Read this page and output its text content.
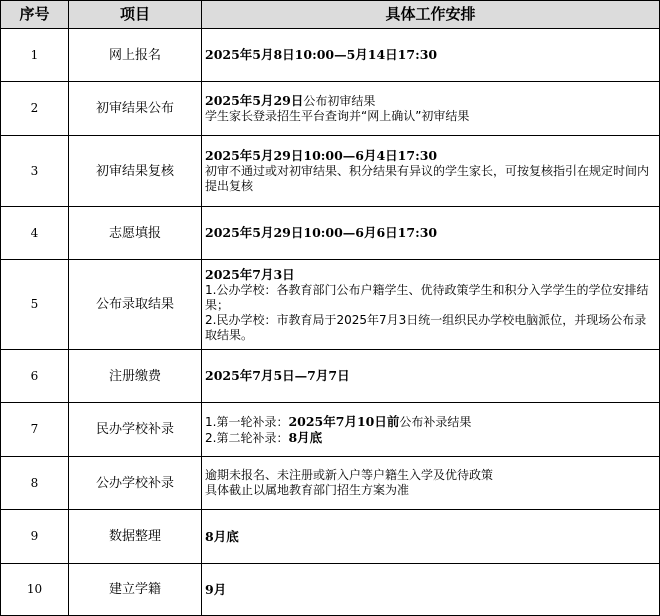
序号	项目	具体工作安排
1	网上报名	2025年5月8日10:00—5月14日17:30

2	初审结果公布	2025年5月29日公布初审结果
学生家长登录招生平台查询并“网上确认”初审结果

3	初审结果复核	2025年5月29日10:00—6月4日17:30
初审不通过或对初审结果、积分结果有异议的学生家长，可按复核指引在规定时间内提出复核

4	志愿填报	2025年5月29日10:00—6月6日17:30

5	公布录取结果	2025年7月3日
1.公办学校：各教育部门公布户籍学生、优待政策学生和积分入学学生的学位安排结果；
2.民办学校：市教育局于2025年7月3日统一组织民办学校电脑派位，并现场公布录取结果。

6	注册缴费	2025年7月5日—7月7日

7	民办学校补录	1.第一轮补录：2025年7月10日前公布补录结果
2.第二轮补录：8月底

8	公办学校补录	逾期未报名、未注册或新入户等户籍生入学及优待政策
具体截止以属地教育部门招生方案为准

9	数据整理	8月底

10	建立学籍	9月
